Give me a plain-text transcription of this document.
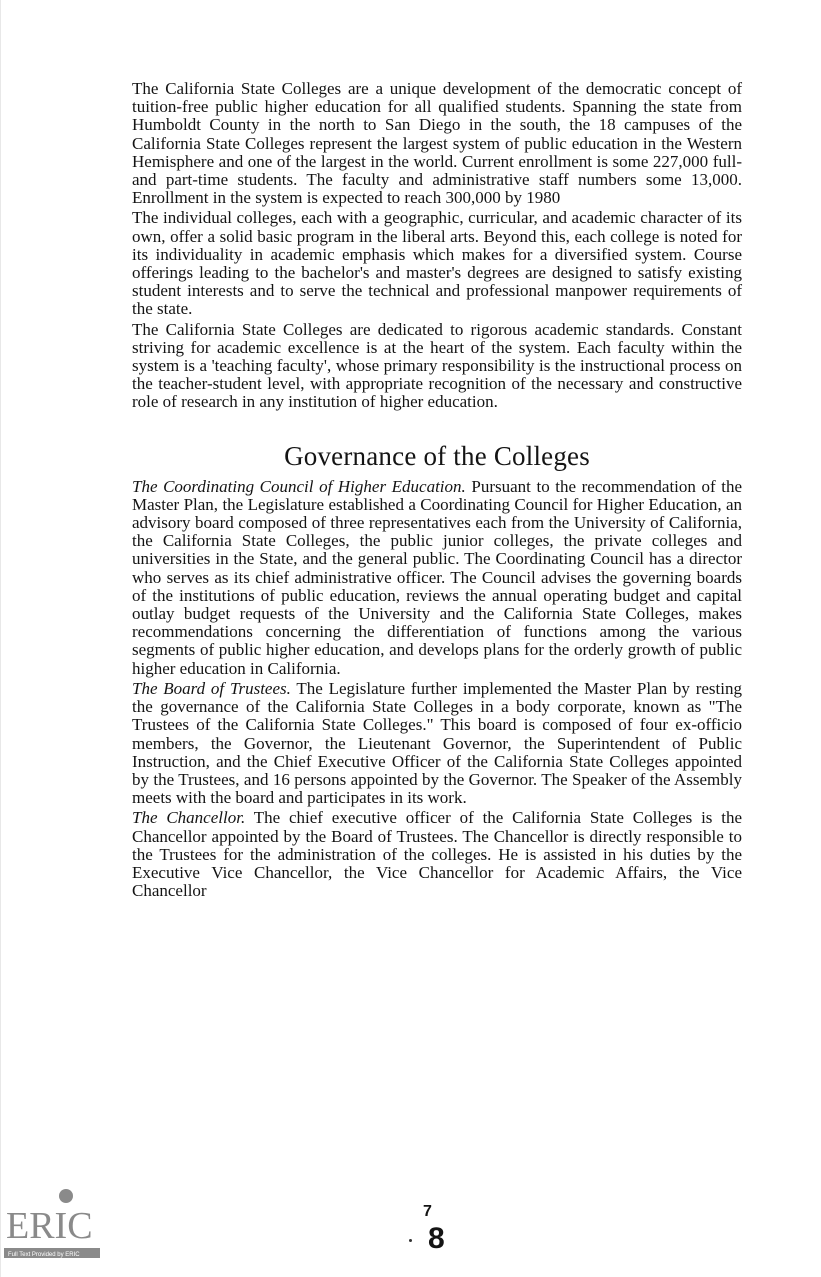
The California State Colleges are a unique development of the democratic concept of tuition-free public higher education for all qualified students. Spanning the state from Humboldt County in the north to San Diego in the south, the 18 campuses of the California State Colleges represent the largest system of public education in the Western Hemisphere and one of the largest in the world. Current enrollment is some 227,000 full- and part-time students. The faculty and administrative staff numbers some 13,000. Enrollment in the system is expected to reach 300,000 by 1980

The individual colleges, each with a geographic, curricular, and academic character of its own, offer a solid basic program in the liberal arts. Beyond this, each college is noted for its individuality in academic emphasis which makes for a diversified system. Course offerings leading to the bachelor's and master's degrees are designed to satisfy existing student interests and to serve the technical and professional manpower requirements of the state.

The California State Colleges are dedicated to rigorous academic standards. Constant striving for academic excellence is at the heart of the system. Each faculty within the system is a 'teaching faculty', whose primary responsibility is the instructional process on the teacher-student level, with appropriate recognition of the necessary and constructive role of research in any institution of higher education.

Governance of the Colleges

The Coordinating Council of Higher Education. Pursuant to the recommendation of the Master Plan, the Legislature established a Coordinating Council for Higher Education, an advisory board composed of three representatives each from the University of California, the California State Colleges, the public junior colleges, the private colleges and universities in the State, and the general public. The Coordinating Council has a director who serves as its chief administrative officer. The Council advises the governing boards of the institutions of public education, reviews the annual operating budget and capital outlay budget requests of the University and the California State Colleges, makes recommendations concerning the differentiation of functions among the various segments of public higher education, and develops plans for the orderly growth of public higher education in California.

The Board of Trustees. The Legislature further implemented the Master Plan by resting the governance of the California State Colleges in a body corporate, known as "The Trustees of the California State Colleges." This board is composed of four ex-officio members, the Governor, the Lieutenant Governor, the Superintendent of Public Instruction, and the Chief Executive Officer of the California State Colleges appointed by the Trustees, and 16 persons appointed by the Governor. The Speaker of the Assembly meets with the board and participates in its work.

The Chancellor. The chief executive officer of the California State Colleges is the Chancellor appointed by the Board of Trustees. The Chancellor is directly responsible to the Trustees for the administration of the colleges. He is assisted in his duties by the Executive Vice Chancellor, the Vice Chancellor for Academic Affairs, the Vice Chancellor

ERIC
Full Text Provided by ERIC
7
8
